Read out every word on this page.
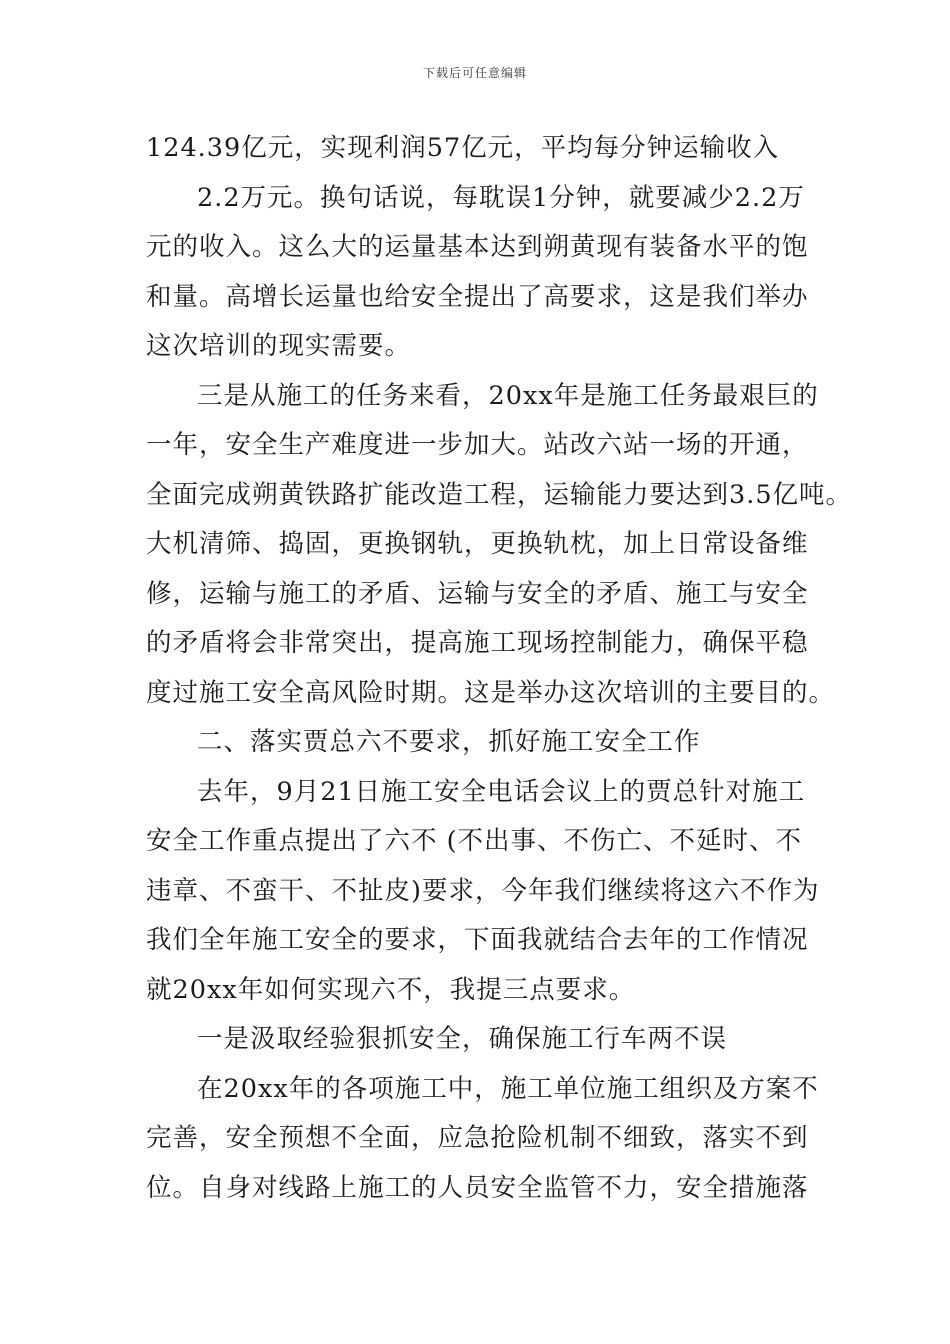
下载后可任意编辑
124.39亿元，实现利润57亿元，平均每分钟运输收入
2.2万元。换句话说，每耽误1分钟，就要减少2.2万
元的收入。这么大的运量基本达到朔黄现有装备水平的饱
和量。高增长运量也给安全提出了高要求，这是我们举办
这次培训的现实需要。
三是从施工的任务来看，20xx年是施工任务最艰巨的
一年，安全生产难度进一步加大。站改六站一场的开通，
全面完成朔黄铁路扩能改造工程，运输能力要达到3.5亿吨。
大机清筛、捣固，更换钢轨，更换轨枕，加上日常设备维
修，运输与施工的矛盾、运输与安全的矛盾、施工与安全
的矛盾将会非常突出，提高施工现场控制能力，确保平稳
度过施工安全高风险时期。这是举办这次培训的主要目的。
二、落实贾总六不要求，抓好施工安全工作
去年，9月21日施工安全电话会议上的贾总针对施工
安全工作重点提出了六不 (不出事、不伤亡、不延时、不
违章、不蛮干、不扯皮)要求，今年我们继续将这六不作为
我们全年施工安全的要求，下面我就结合去年的工作情况
就20xx年如何实现六不，我提三点要求。
一是汲取经验狠抓安全，确保施工行车两不误
在20xx年的各项施工中，施工单位施工组织及方案不
完善，安全预想不全面，应急抢险机制不细致，落实不到
位。自身对线路上施工的人员安全监管不力，安全措施落
